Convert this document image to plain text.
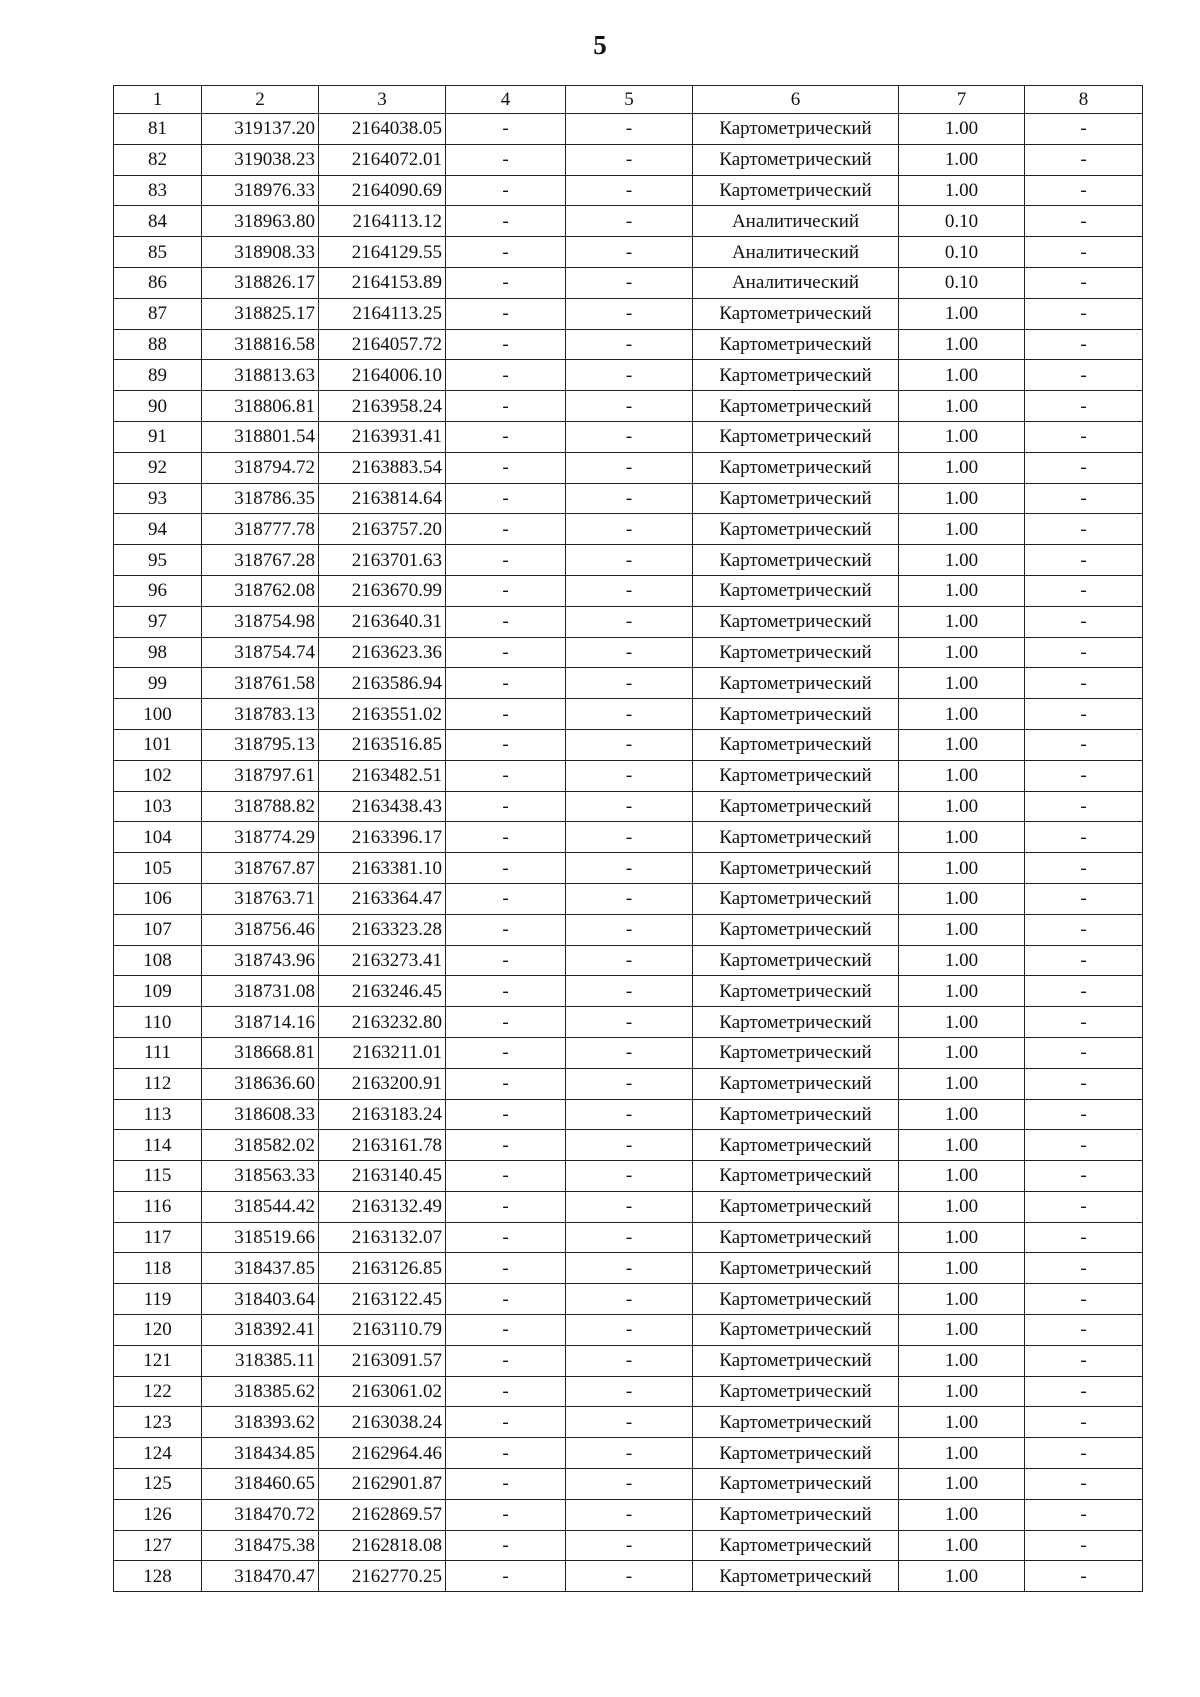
5
1	2	3	4	5	6	7	8
81	319137.20	2164038.05	-	-	Картометрический	1.00	-
82	319038.23	2164072.01	-	-	Картометрический	1.00	-
83	318976.33	2164090.69	-	-	Картометрический	1.00	-
84	318963.80	2164113.12	-	-	Аналитический	0.10	-
85	318908.33	2164129.55	-	-	Аналитический	0.10	-
86	318826.17	2164153.89	-	-	Аналитический	0.10	-
87	318825.17	2164113.25	-	-	Картометрический	1.00	-
88	318816.58	2164057.72	-	-	Картометрический	1.00	-
89	318813.63	2164006.10	-	-	Картометрический	1.00	-
90	318806.81	2163958.24	-	-	Картометрический	1.00	-
91	318801.54	2163931.41	-	-	Картометрический	1.00	-
92	318794.72	2163883.54	-	-	Картометрический	1.00	-
93	318786.35	2163814.64	-	-	Картометрический	1.00	-
94	318777.78	2163757.20	-	-	Картометрический	1.00	-
95	318767.28	2163701.63	-	-	Картометрический	1.00	-
96	318762.08	2163670.99	-	-	Картометрический	1.00	-
97	318754.98	2163640.31	-	-	Картометрический	1.00	-
98	318754.74	2163623.36	-	-	Картометрический	1.00	-
99	318761.58	2163586.94	-	-	Картометрический	1.00	-
100	318783.13	2163551.02	-	-	Картометрический	1.00	-
101	318795.13	2163516.85	-	-	Картометрический	1.00	-
102	318797.61	2163482.51	-	-	Картометрический	1.00	-
103	318788.82	2163438.43	-	-	Картометрический	1.00	-
104	318774.29	2163396.17	-	-	Картометрический	1.00	-
105	318767.87	2163381.10	-	-	Картометрический	1.00	-
106	318763.71	2163364.47	-	-	Картометрический	1.00	-
107	318756.46	2163323.28	-	-	Картометрический	1.00	-
108	318743.96	2163273.41	-	-	Картометрический	1.00	-
109	318731.08	2163246.45	-	-	Картометрический	1.00	-
110	318714.16	2163232.80	-	-	Картометрический	1.00	-
111	318668.81	2163211.01	-	-	Картометрический	1.00	-
112	318636.60	2163200.91	-	-	Картометрический	1.00	-
113	318608.33	2163183.24	-	-	Картометрический	1.00	-
114	318582.02	2163161.78	-	-	Картометрический	1.00	-
115	318563.33	2163140.45	-	-	Картометрический	1.00	-
116	318544.42	2163132.49	-	-	Картометрический	1.00	-
117	318519.66	2163132.07	-	-	Картометрический	1.00	-
118	318437.85	2163126.85	-	-	Картометрический	1.00	-
119	318403.64	2163122.45	-	-	Картометрический	1.00	-
120	318392.41	2163110.79	-	-	Картометрический	1.00	-
121	318385.11	2163091.57	-	-	Картометрический	1.00	-
122	318385.62	2163061.02	-	-	Картометрический	1.00	-
123	318393.62	2163038.24	-	-	Картометрический	1.00	-
124	318434.85	2162964.46	-	-	Картометрический	1.00	-
125	318460.65	2162901.87	-	-	Картометрический	1.00	-
126	318470.72	2162869.57	-	-	Картометрический	1.00	-
127	318475.38	2162818.08	-	-	Картометрический	1.00	-
128	318470.47	2162770.25	-	-	Картометрический	1.00	-
